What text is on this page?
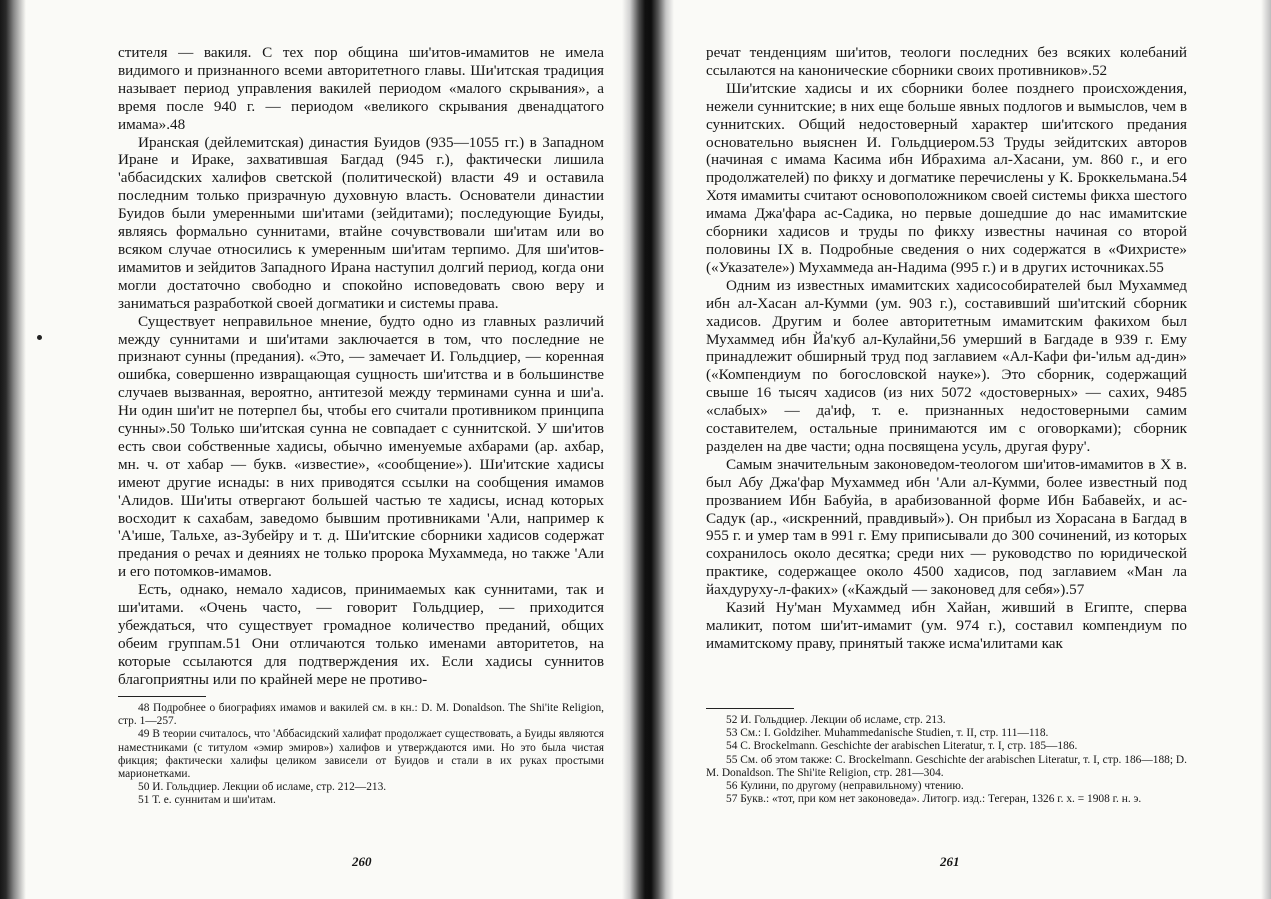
стителя — вакиля. С тех пор община ши'итов-имамитов не имела видимого и признанного всеми авторитетного главы. Ши'итская традиция называет период управления вакилей периодом «малого скрывания», а время после 940 г. — периодом «великого скрывания двенадцатого имама».48

Иранская (дейлемитская) династия Буидов (935—1055 гг.) в Западном Иране и Ираке, захватившая Багдад (945 г.), фактически лишила 'аббасидских халифов светской (политической) власти 49 и оставила последним только призрачную духовную власть. Основатели династии Буидов были умеренными ши'итами (зейдитами); последующие Буиды, являясь формально суннитами, втайне сочувствовали ши'итам или во всяком случае относились к умеренным ши'итам терпимо. Для ши'итов-имамитов и зейдитов Западного Ирана наступил долгий период, когда они могли достаточно свободно и спокойно исповедовать свою веру и заниматься разработкой своей догматики и системы права.

Существует неправильное мнение, будто одно из главных различий между суннитами и ши'итами заключается в том, что последние не признают сунны (предания). «Это, — замечает И. Гольдциер, — коренная ошибка, совершенно извращающая сущность ши'итства и в большинстве случаев вызванная, вероятно, антитезой между терминами сунна и ши'а. Ни один ши'ит не потерпел бы, чтобы его считали противником принципа сунны».50 Только ши'итская сунна не совпадает с суннитской. У ши'итов есть свои собственные хадисы, обычно именуемые ахбарами (ар. ахбар, мн. ч. от хабар — букв. «известие», «сообщение»). Ши'итские хадисы имеют другие иснады: в них приводятся ссылки на сообщения имамов 'Алидов. Ши'иты отвергают большей частью те хадисы, иснад которых восходит к сахабам, заведомо бывшим противниками 'Али, например к 'А'ише, Тальхе, аз-Зубейру и т. д. Ши'итские сборники хадисов содержат предания о речах и деяниях не только пророка Мухаммеда, но также 'Али и его потомков-имамов.

Есть, однако, немало хадисов, принимаемых как суннитами, так и ши'итами. «Очень часто, — говорит Гольдциер, — приходится убеждаться, что существует громадное количество преданий, общих обеим группам.51 Они отличаются только именами авторитетов, на которые ссылаются для подтверждения их. Если хадисы суннитов благоприятны или по крайней мере не противо-

48 Подробнее о биографиях имамов и вакилей см. в кн.: D. M. Donaldson. The Shi'ite Religion, стр. 1—257.

49 В теории считалось, что 'Аббасидский халифат продолжает существовать, а Буиды являются наместниками (с титулом «эмир эмиров») халифов и утверждаются ими. Но это была чистая фикция; фактически халифы целиком зависели от Буидов и стали в их руках простыми марионетками.

50 И. Гольдциер. Лекции об исламе, стр. 212—213.

51 Т. е. суннитам и ши'итам.

260

речат тенденциям ши'итов, теологи последних без всяких колебаний ссылаются на канонические сборники своих противников».52

Ши'итские хадисы и их сборники более позднего происхождения, нежели суннитские; в них еще больше явных подлогов и вымыслов, чем в суннитских. Общий недостоверный характер ши'итского предания основательно выяснен И. Гольдциером.53 Труды зейдитских авторов (начиная с имама Касима ибн Ибрахима ал-Хасани, ум. 860 г., и его продолжателей) по фикху и догматике перечислены у К. Броккельмана.54 Хотя имамиты считают основоположником своей системы фикха шестого имама Джа'фара ас-Садика, но первые дошедшие до нас имамитские сборники хадисов и труды по фикху известны начиная со второй половины IX в. Подробные сведения о них содержатся в «Фихристе» («Указателе») Мухаммеда ан-Надима (995 г.) и в других источниках.55

Одним из известных имамитских хадисособирателей был Мухаммед ибн ал-Хасан ал-Кумми (ум. 903 г.), составивший ши'итский сборник хадисов. Другим и более авторитетным имамитским факихом был Мухаммед ибн Йа'куб ал-Кулайни,56 умерший в Багдаде в 939 г. Ему принадлежит обширный труд под заглавием «Ал-Кафи фи-'ильм ад-дин» («Компендиум по богословской науке»). Это сборник, содержащий свыше 16 тысяч хадисов (из них 5072 «достоверных» — сахих, 9485 «слабых» — да'иф, т. е. признанных недостоверными самим составителем, остальные принимаются им с оговорками); сборник разделен на две части; одна посвящена усуль, другая фуру'.

Самым значительным законоведом-теологом ши'итов-имамитов в X в. был Абу Джа'фар Мухаммед ибн 'Али ал-Кумми, более известный под прозванием Ибн Бабуйа, в арабизованной форме Ибн Бабавейх, и ас-Садук (ар., «искренний, правдивый»). Он прибыл из Хорасана в Багдад в 955 г. и умер там в 991 г. Ему приписывали до 300 сочинений, из которых сохранилось около десятка; среди них — руководство по юридической практике, содержащее около 4500 хадисов, под заглавием «Ман ла йахдуруху-л-факих» («Каждый — законовед для себя»).57

Казий Ну'ман Мухаммед ибн Хайан, живший в Египте, сперва маликит, потом ши'ит-имамит (ум. 974 г.), составил компендиум по имамитскому праву, принятый также исма'илитами как

52 И. Гольдциер. Лекции об исламе, стр. 213.

53 См.: I. Goldziher. Muhammedanische Studien, т. II, стр. 111—118.

54 C. Brockelmann. Geschichte der arabischen Literatur, т. I, стр. 185—186.

55 См. об этом также: C. Brockelmann. Geschichte der arabischen Literatur, т. I, стр. 186—188; D. M. Donaldson. The Shi'ite Religion, стр. 281—304.

56 Кулини, по другому (неправильному) чтению.

57 Букв.: «тот, при ком нет законоведа». Литогр. изд.: Тегеран, 1326 г. х. = 1908 г. н. э.

261
